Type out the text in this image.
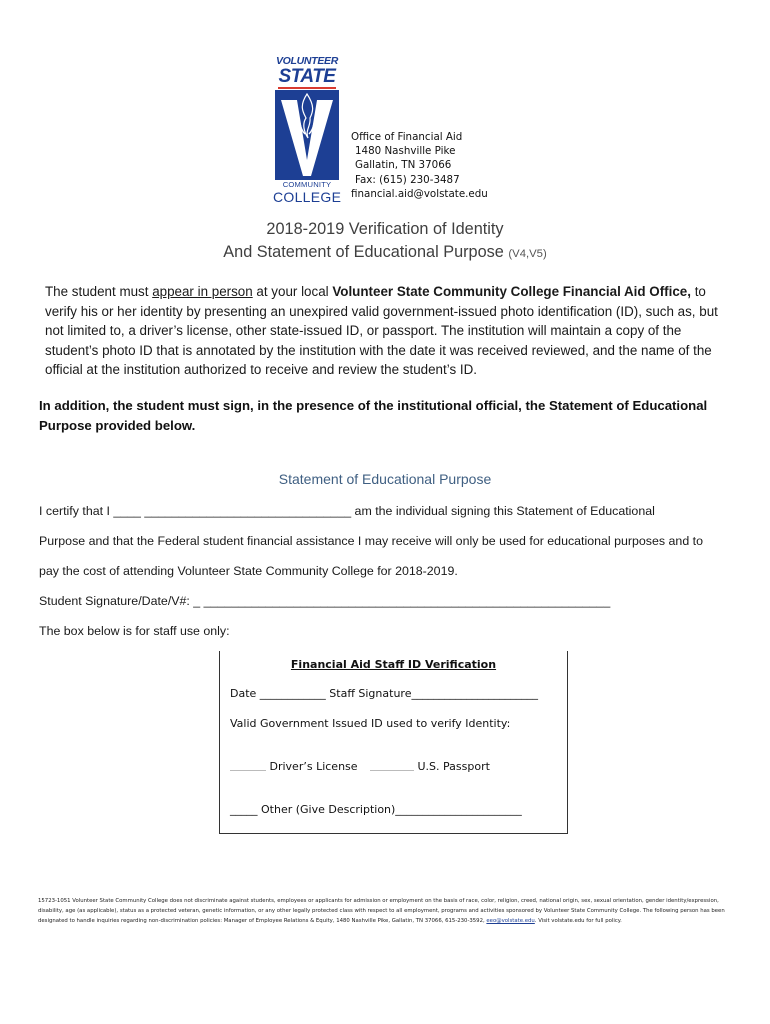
VOLUNTEER
STATE
COMMUNITY
COLLEGE
Office of Financial Aid
1480 Nashville Pike
Gallatin, TN 37066
Fax: (615) 230-3487
financial.aid@volstate.edu
2018-2019 Verification of Identity
And Statement of Educational Purpose (V4,V5)
The student must appear in person at your local Volunteer State Community College Financial Aid Office, to verify his or her identity by presenting an unexpired valid government-issued photo identification (ID), such as, but not limited to, a driver’s license, other state-issued ID, or passport. The institution will maintain a copy of the student’s photo ID that is annotated by the institution with the date it was received reviewed, and the name of the official at the institution authorized to receive and review the student’s ID.
In addition, the student must sign, in the presence of the institutional official, the Statement of Educational Purpose provided below.
Statement of Educational Purpose
I certify that I ____ ______________________________ am the individual signing this Statement of Educational
Purpose and that the Federal student financial assistance I may receive will only be used for educational purposes and to
pay the cost of attending Volunteer State Community College for 2018-2019.
Student Signature/Date/V#: _ ___________________________________________________________
The box below is for staff use only:
Financial Aid Staff ID Verification
Date ____________ Staff Signature_______________________
Valid Government Issued ID used to verify Identity:
Driver’s License	U.S. Passport
_____ Other (Give Description)_______________________
15723-1051 Volunteer State Community College does not discriminate against students, employees or applicants for admission or employment on the basis of race, color, religion, creed, national origin, sex, sexual orientation, gender identity/expression, disability, age (as applicable), status as a protected veteran, genetic information, or any other legally protected class with respect to all employment, programs and activities sponsored by Volunteer State Community College. The following person has been designated to handle inquiries regarding non-discrimination policies: Manager of Employee Relations & Equity, 1480 Nashville Pike, Gallatin, TN 37066, 615-230-3592, eeo@volstate.edu. Visit volstate.edu for full policy.
